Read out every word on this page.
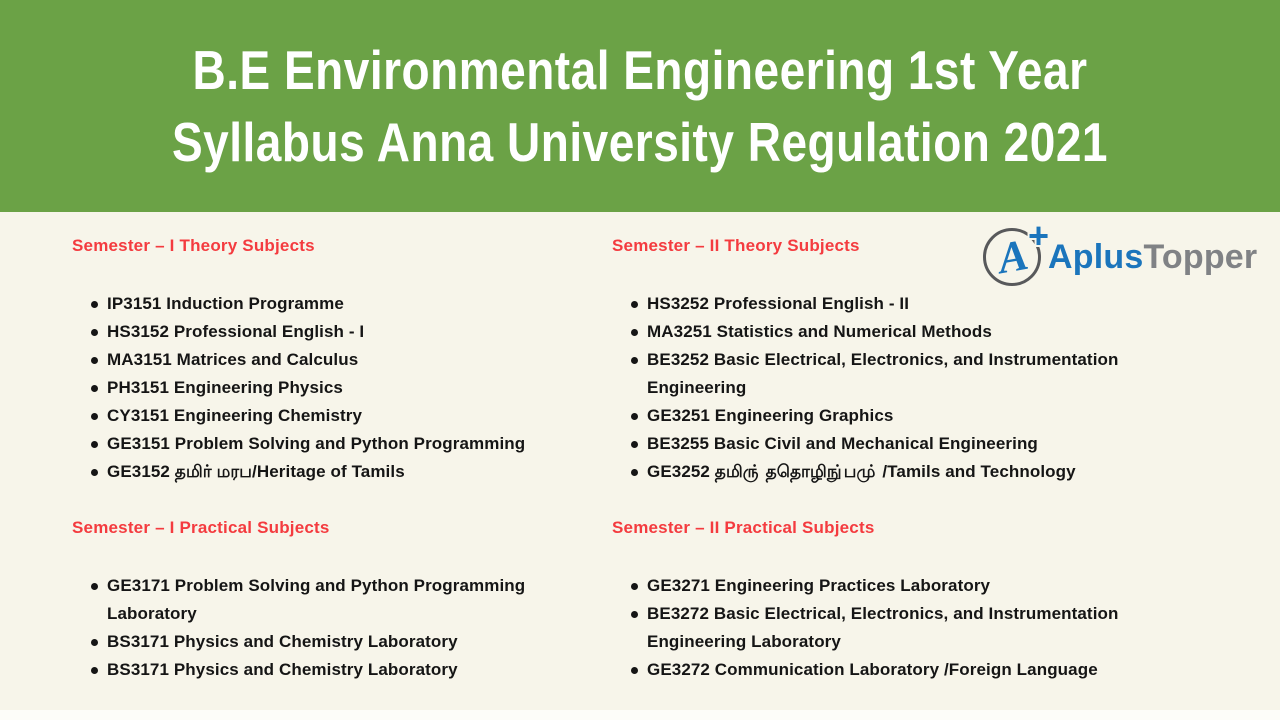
B.E Environmental Engineering 1st Year
Syllabus Anna University Regulation 2021
Semester – I Theory Subjects
IP3151 Induction Programme
HS3152 Professional English - I
MA3151 Matrices and Calculus
PH3151 Engineering Physics
CY3151 Engineering Chemistry
GE3151 Problem Solving and Python Programming
GE3152 தமிர் மரப/Heritage of Tamils
Semester – I Practical Subjects
GE3171 Problem Solving and Python Programming Laboratory
BS3171 Physics and Chemistry Laboratory
BS3171 Physics and Chemistry Laboratory
Semester – II Theory Subjects
HS3252 Professional English - II
MA3251 Statistics and Numerical Methods
BE3252 Basic Electrical, Electronics, and Instrumentation Engineering
GE3251 Engineering Graphics
BE3255 Basic Civil and Mechanical Engineering
GE3252 தமிரு் ததொழிநு்பமு் /Tamils and Technology
Semester – II Practical Subjects
GE3271 Engineering Practices Laboratory
BE3272 Basic Electrical, Electronics, and Instrumentation Engineering Laboratory
GE3272 Communication Laboratory /Foreign Language
A
+
AplusTopper
